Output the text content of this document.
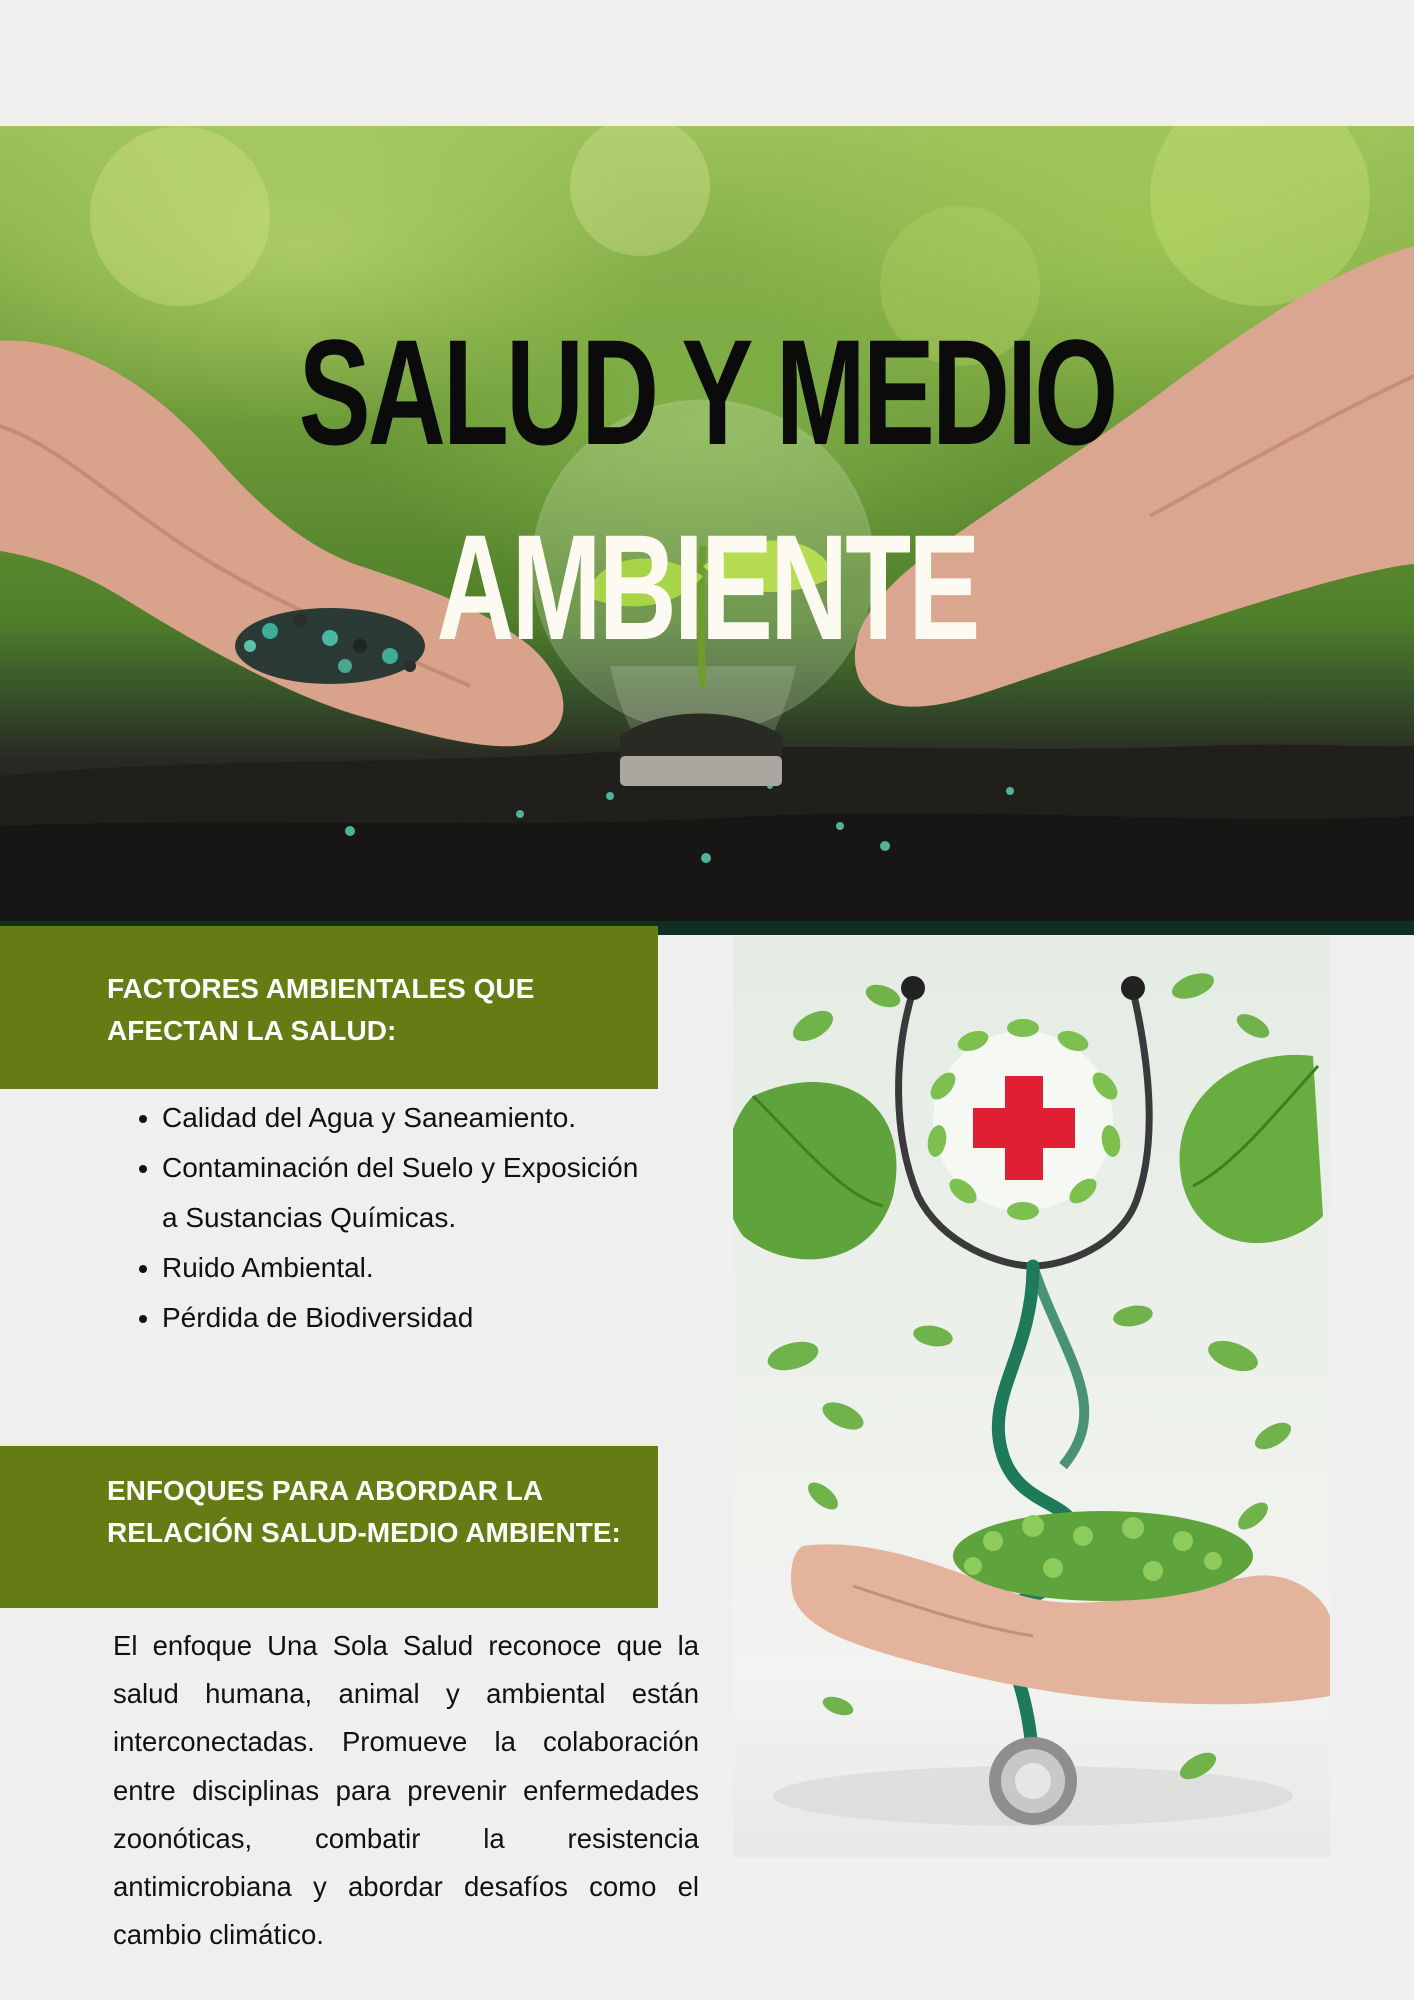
SALUD Y MEDIO
AMBIENTE
FACTORES AMBIENTALES QUE AFECTAN LA SALUD:
• Calidad del Agua y Saneamiento.
• Contaminación del Suelo y Exposición a Sustancias Químicas.
• Ruido Ambiental.
• Pérdida de Biodiversidad
ENFOQUES PARA ABORDAR LA RELACIÓN SALUD-MEDIO AMBIENTE:

El enfoque Una Sola Salud reconoce que la salud humana, animal y ambiental están interconectadas. Promueve la colaboración entre disciplinas para prevenir enfermedades zoonóticas, combatir la resistencia antimicrobiana y abordar desafíos como el cambio climático.
